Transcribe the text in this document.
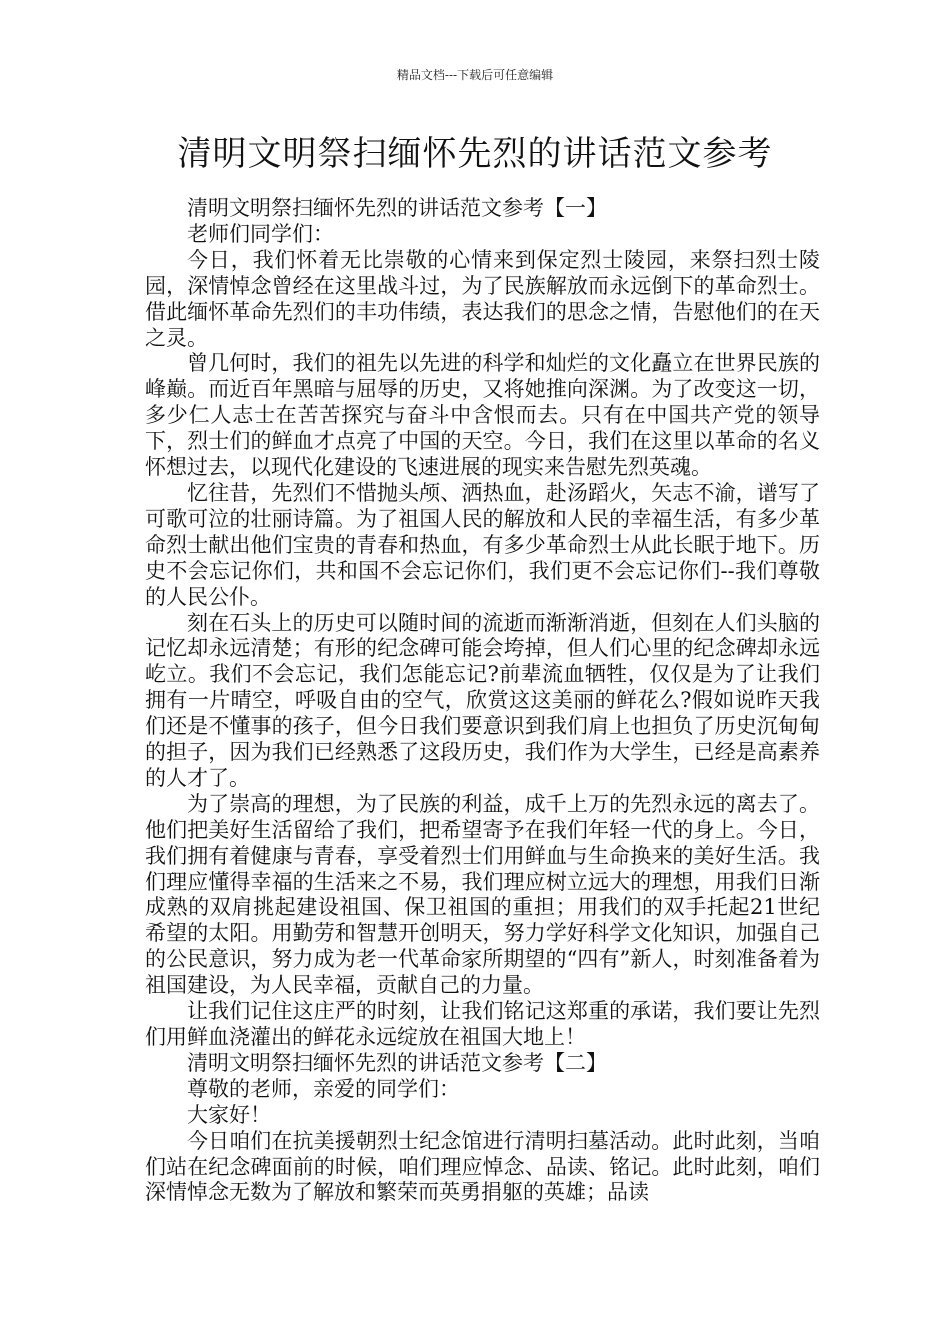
精品文档---下载后可任意编辑
清明文明祭扫缅怀先烈的讲话范文参考

清明文明祭扫缅怀先烈的讲话范文参考【一】

老师们同学们：

今日，我们怀着无比崇敬的心情来到保定烈士陵园，来祭扫烈士陵园，深情悼念曾经在这里战斗过，为了民族解放而永远倒下的革命烈士。借此缅怀革命先烈们的丰功伟绩，表达我们的思念之情，告慰他们的在天之灵。

曾几何时，我们的祖先以先进的科学和灿烂的文化矗立在世界民族的峰巅。而近百年黑暗与屈辱的历史，又将她推向深渊。为了改变这一切，多少仁人志士在苦苦探究与奋斗中含恨而去。只有在中国共产党的领导下，烈士们的鲜血才点亮了中国的天空。今日，我们在这里以革命的名义怀想过去，以现代化建设的飞速进展的现实来告慰先烈英魂。

忆往昔，先烈们不惜抛头颅、洒热血，赴汤蹈火，矢志不渝，谱写了可歌可泣的壮丽诗篇。为了祖国人民的解放和人民的幸福生活，有多少革命烈士献出他们宝贵的青春和热血，有多少革命烈士从此长眠于地下。历史不会忘记你们，共和国不会忘记你们，我们更不会忘记你们--我们尊敬的人民公仆。

刻在石头上的历史可以随时间的流逝而渐渐消逝，但刻在人们头脑的记忆却永远清楚；有形的纪念碑可能会垮掉，但人们心里的纪念碑却永远屹立。我们不会忘记，我们怎能忘记?前辈流血牺牲，仅仅是为了让我们拥有一片晴空，呼吸自由的空气，欣赏这这美丽的鲜花么?假如说昨天我们还是不懂事的孩子，但今日我们要意识到我们肩上也担负了历史沉甸甸的担子，因为我们已经熟悉了这段历史，我们作为大学生，已经是高素养的人才了。

为了崇高的理想，为了民族的利益，成千上万的先烈永远的离去了。他们把美好生活留给了我们，把希望寄予在我们年轻一代的身上。今日，我们拥有着健康与青春，享受着烈士们用鲜血与生命换来的美好生活。我们理应懂得幸福的生活来之不易，我们理应树立远大的理想，用我们日渐成熟的双肩挑起建设祖国、保卫祖国的重担；用我们的双手托起21世纪希望的太阳。用勤劳和智慧开创明天，努力学好科学文化知识，加强自己的公民意识，努力成为老一代革命家所期望的“四有”新人，时刻准备着为祖国建设，为人民幸福，贡献自己的力量。

让我们记住这庄严的时刻，让我们铭记这郑重的承诺，我们要让先烈们用鲜血浇灌出的鲜花永远绽放在祖国大地上！

清明文明祭扫缅怀先烈的讲话范文参考【二】

尊敬的老师，亲爱的同学们：

大家好！

今日咱们在抗美援朝烈士纪念馆进行清明扫墓活动。此时此刻，当咱们站在纪念碑面前的时候，咱们理应悼念、品读、铭记。此时此刻，咱们深情悼念无数为了解放和繁荣而英勇捐躯的英雄；品读
